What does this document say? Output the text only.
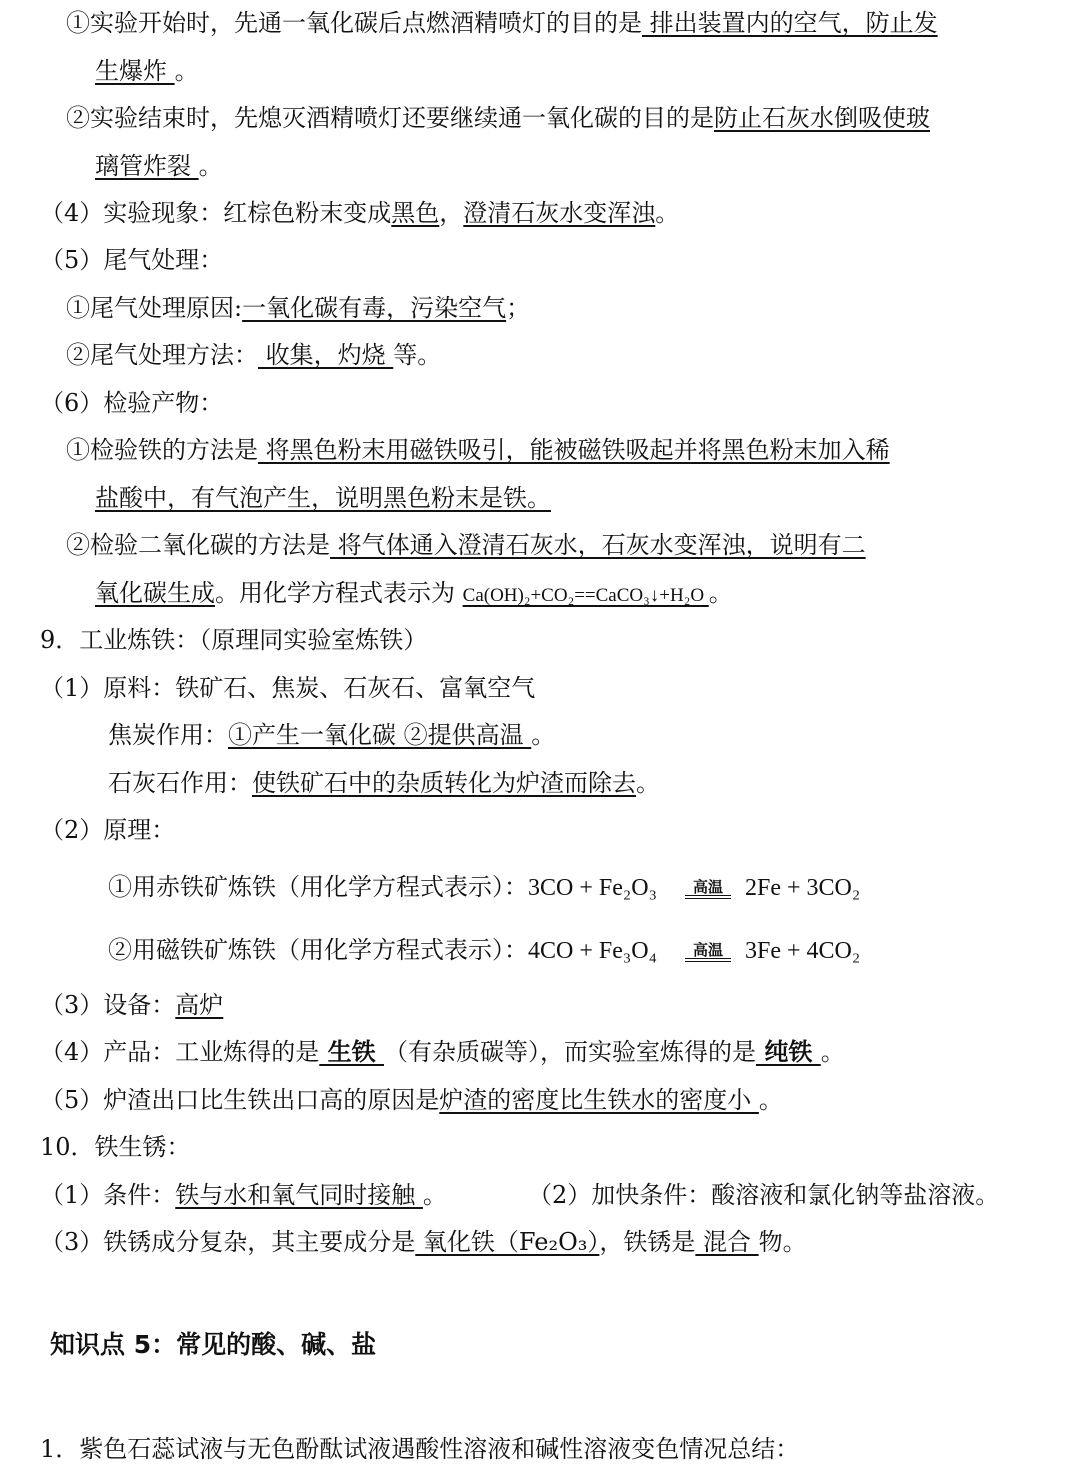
①实验开始时，先通一氧化碳后点燃酒精喷灯的目的是 排出装置内的空气，防止发
生爆炸 。
②实验结束时，先熄灭酒精喷灯还要继续通一氧化碳的目的是防止石灰水倒吸使玻
璃管炸裂 。
（4）实验现象：红棕色粉末变成黑色，澄清石灰水变浑浊。
（5）尾气处理：
①尾气处理原因:一氧化碳有毒，污染空气；
②尾气处理方法： 收集，灼烧 等。
（6）检验产物：
①检验铁的方法是 将黑色粉末用磁铁吸引，能被磁铁吸起并将黑色粉末加入稀
盐酸中，有气泡产生，说明黑色粉末是铁。
②检验二氧化碳的方法是 将气体通入澄清石灰水，石灰水变浑浊，说明有二
氧化碳生成。用化学方程式表示为 Ca(OH)₂+CO₂==CaCO₃↓+H₂O 。
9．工业炼铁：（原理同实验室炼铁）
（1）原料：铁矿石、焦炭、石灰石、富氧空气
焦炭作用：①产生一氧化碳 ②提供高温 。
石灰石作用：使铁矿石中的杂质转化为炉渣而除去。
（2）原理：
①用赤铁矿炼铁（用化学方程式表示）：3CO + Fe₂O₃ 高温 2Fe + 3CO₂
②用磁铁矿炼铁（用化学方程式表示）：4CO + Fe₃O₄ 高温 3Fe + 4CO₂
（3）设备：高炉
（4）产品：工业炼得的是 生铁 （有杂质碳等），而实验室炼得的是 纯铁 。
（5）炉渣出口比生铁出口高的原因是炉渣的密度比生铁水的密度小 。
10．铁生锈：
（1）条件：铁与水和氧气同时接触 。	（2）加快条件：酸溶液和氯化钠等盐溶液。
（3）铁锈成分复杂，其主要成分是 氧化铁（Fe₂O₃），铁锈是 混合 物。
知识点 5：常见的酸、碱、盐
1．紫色石蕊试液与无色酚酞试液遇酸性溶液和碱性溶液变色情况总结：
